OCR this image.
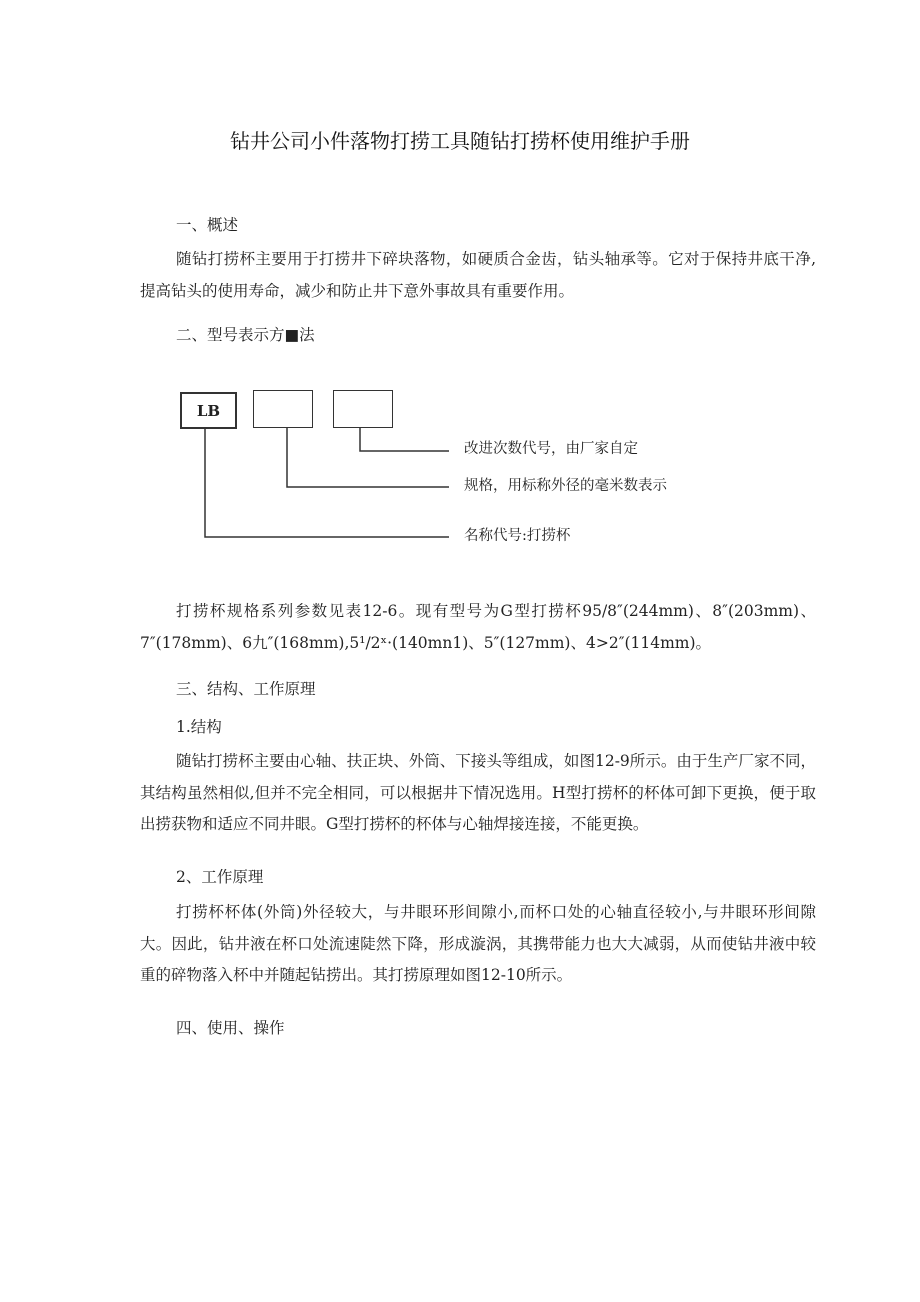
钻井公司小件落物打捞工具随钻打捞杯使用维护手册
一、概述
随钻打捞杯主要用于打捞井下碎块落物，如硬质合金齿，钻头轴承等。它对于保持井底干净,提高钻头的使用寿命，减少和防止井下意外事故具有重要作用。
二、型号表示方■法
LB
改进次数代号，由厂家自定
规格，用标称外径的毫米数表示
名称代号:打捞杯
打捞杯规格系列参数见表12-6。现有型号为G型打捞杯95/8″(244mm)、8″(203mm)、7″(178mm)、6九″(168mm),5¹/2ˣ·(140mn1)、5″(127mm)、4>2″(114mm)。
三、结构、工作原理
1.结构
随钻打捞杯主要由心轴、扶正块、外筒、下接头等组成，如图12-9所示。由于生产厂家不同，其结构虽然相似,但并不完全相同，可以根据井下情况选用。H型打捞杯的杯体可卸下更换，便于取出捞获物和适应不同井眼。G型打捞杯的杯体与心轴焊接连接，不能更换。
2、工作原理
打捞杯杯体(外筒)外径较大，与井眼环形间隙小,而杯口处的心轴直径较小,与井眼环形间隙大。因此，钻井液在杯口处流速陡然下降，形成漩涡，其携带能力也大大减弱，从而使钻井液中较重的碎物落入杯中并随起钻捞出。其打捞原理如图12-10所示。
四、使用、操作
